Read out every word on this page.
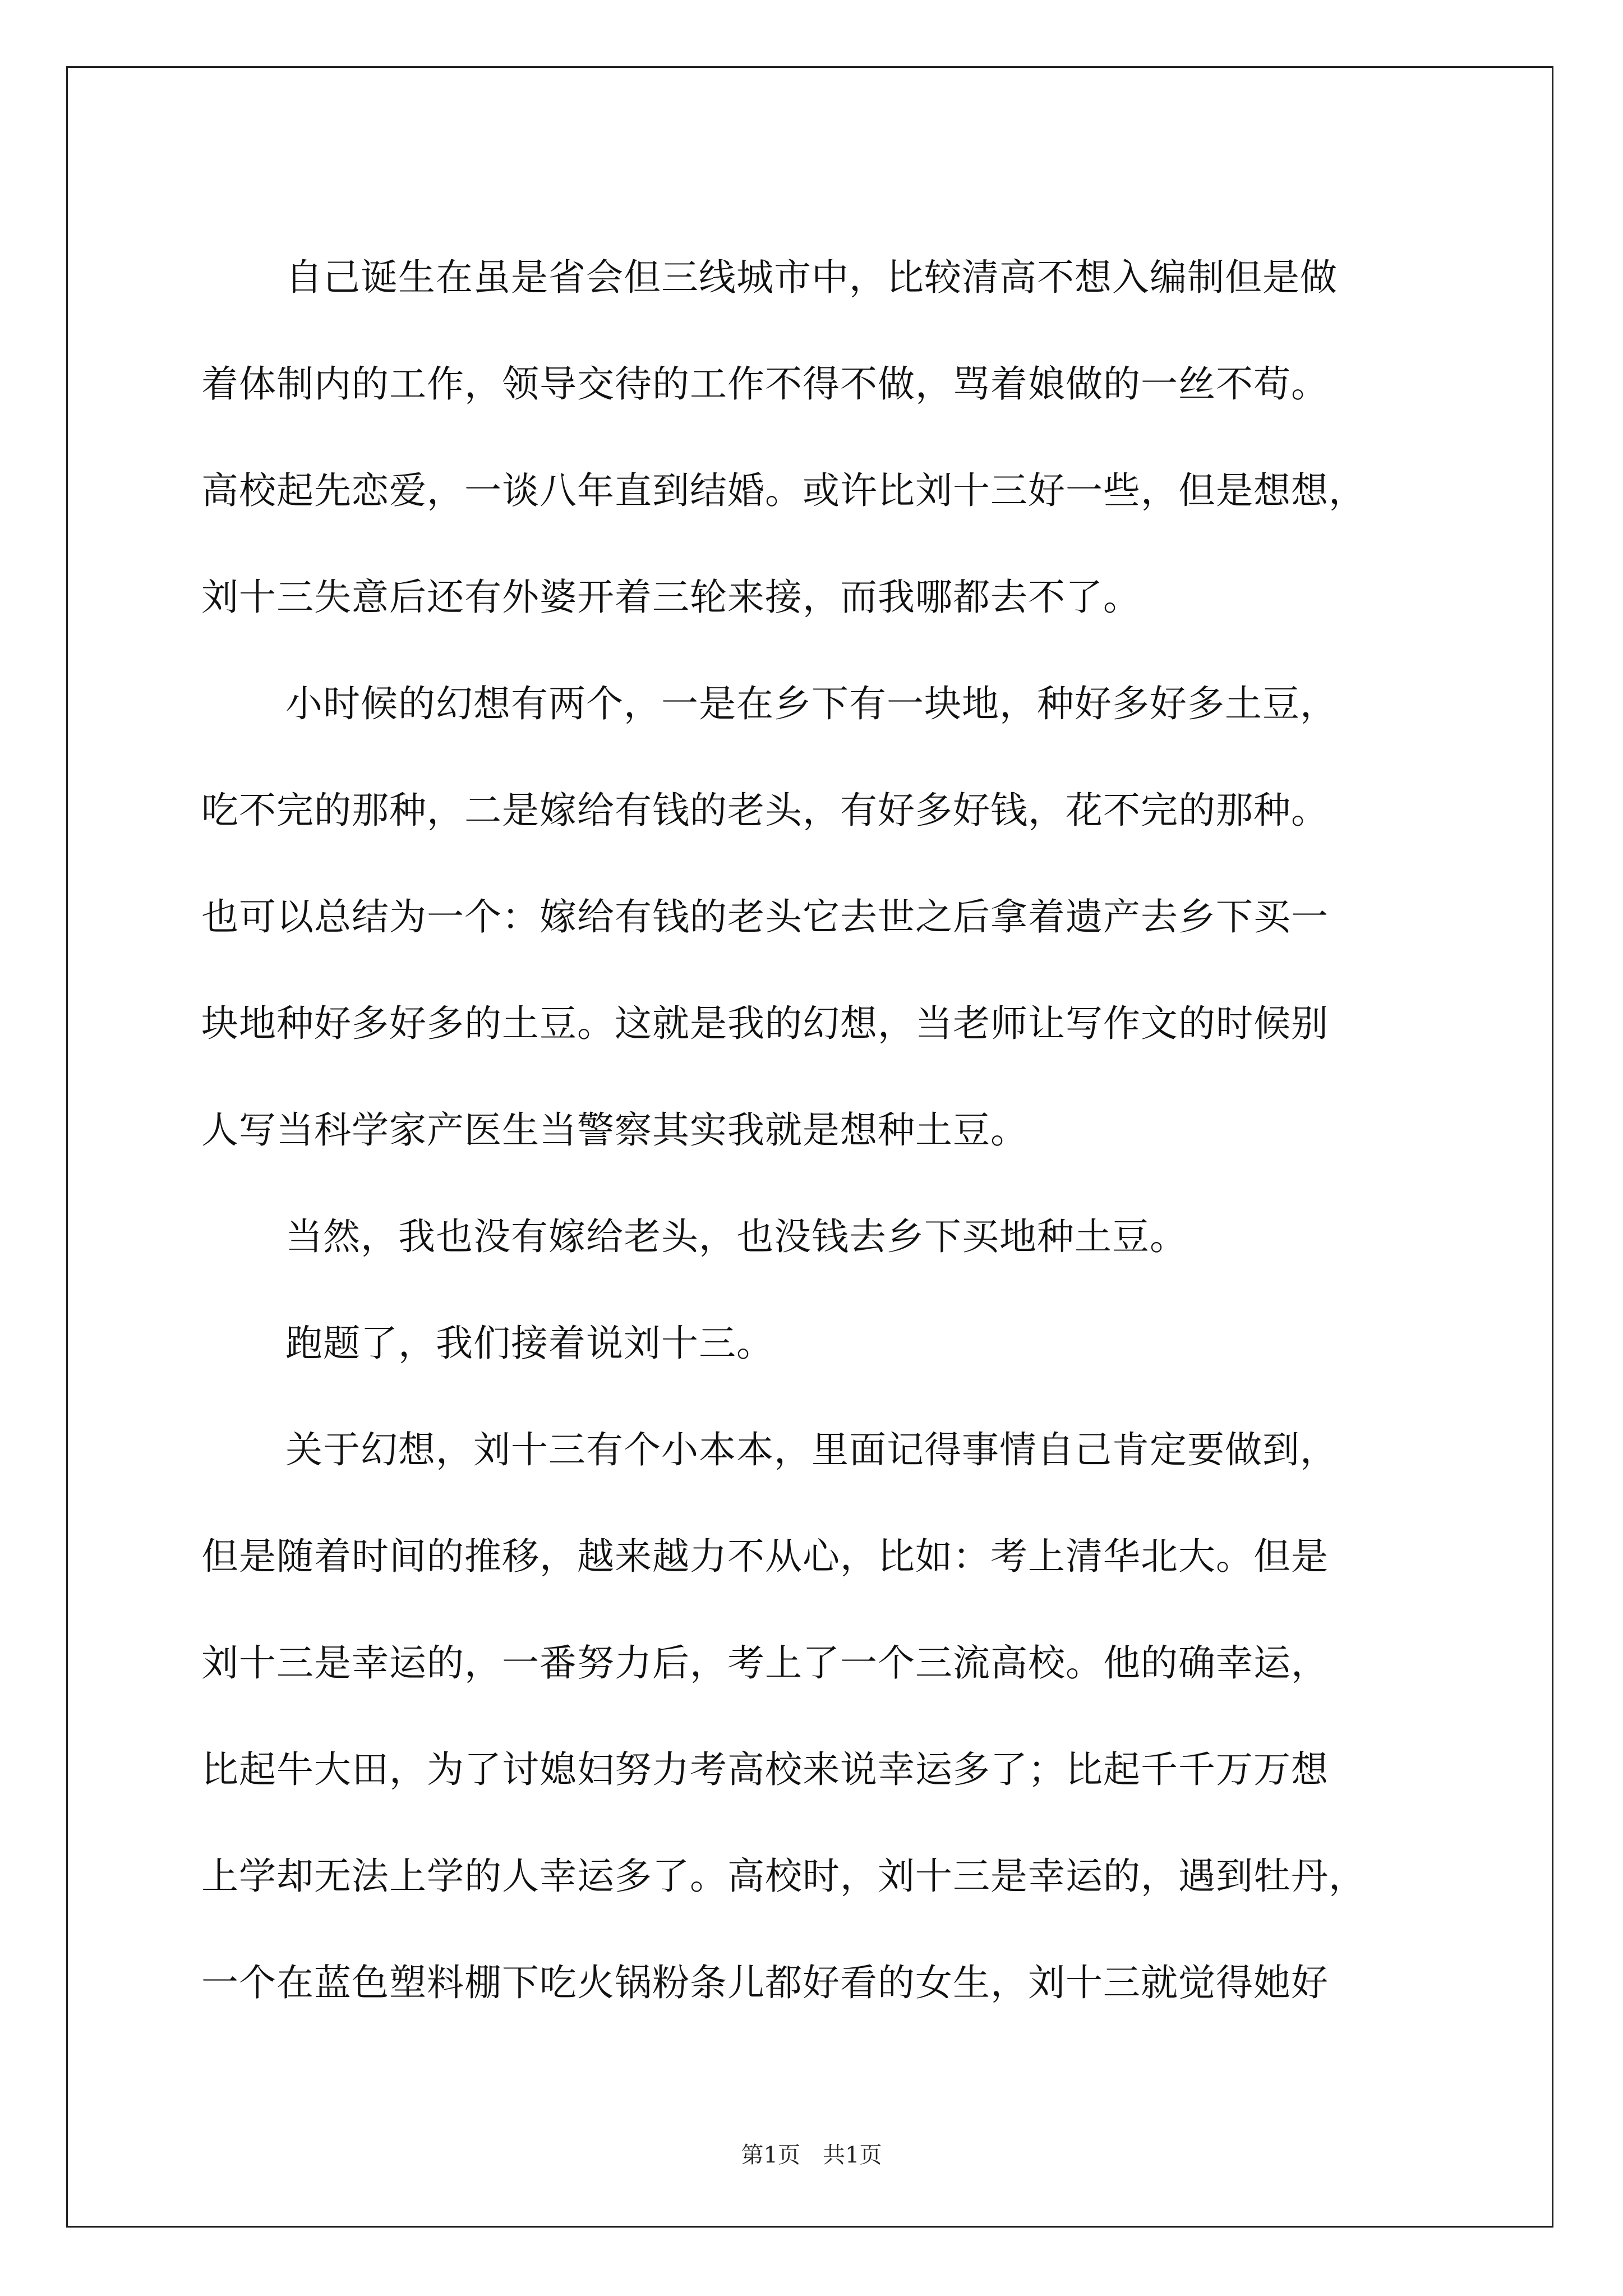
自己诞生在虽是省会但三线城市中，比较清高不想入编制但是做
着体制内的工作，领导交待的工作不得不做，骂着娘做的一丝不苟。
高校起先恋爱，一谈八年直到结婚。或许比刘十三好一些，但是想想，
刘十三失意后还有外婆开着三轮来接，而我哪都去不了。
小时候的幻想有两个，一是在乡下有一块地，种好多好多土豆，
吃不完的那种，二是嫁给有钱的老头，有好多好钱，花不完的那种。
也可以总结为一个：嫁给有钱的老头它去世之后拿着遗产去乡下买一
块地种好多好多的土豆。这就是我的幻想，当老师让写作文的时候别
人写当科学家产医生当警察其实我就是想种土豆。
当然，我也没有嫁给老头，也没钱去乡下买地种土豆。
跑题了，我们接着说刘十三。
关于幻想，刘十三有个小本本，里面记得事情自己肯定要做到，
但是随着时间的推移，越来越力不从心，比如：考上清华北大。但是
刘十三是幸运的，一番努力后，考上了一个三流高校。他的确幸运，
比起牛大田，为了讨媳妇努力考高校来说幸运多了；比起千千万万想
上学却无法上学的人幸运多了。高校时，刘十三是幸运的，遇到牡丹，
一个在蓝色塑料棚下吃火锅粉条儿都好看的女生，刘十三就觉得她好
第1页　共1页
